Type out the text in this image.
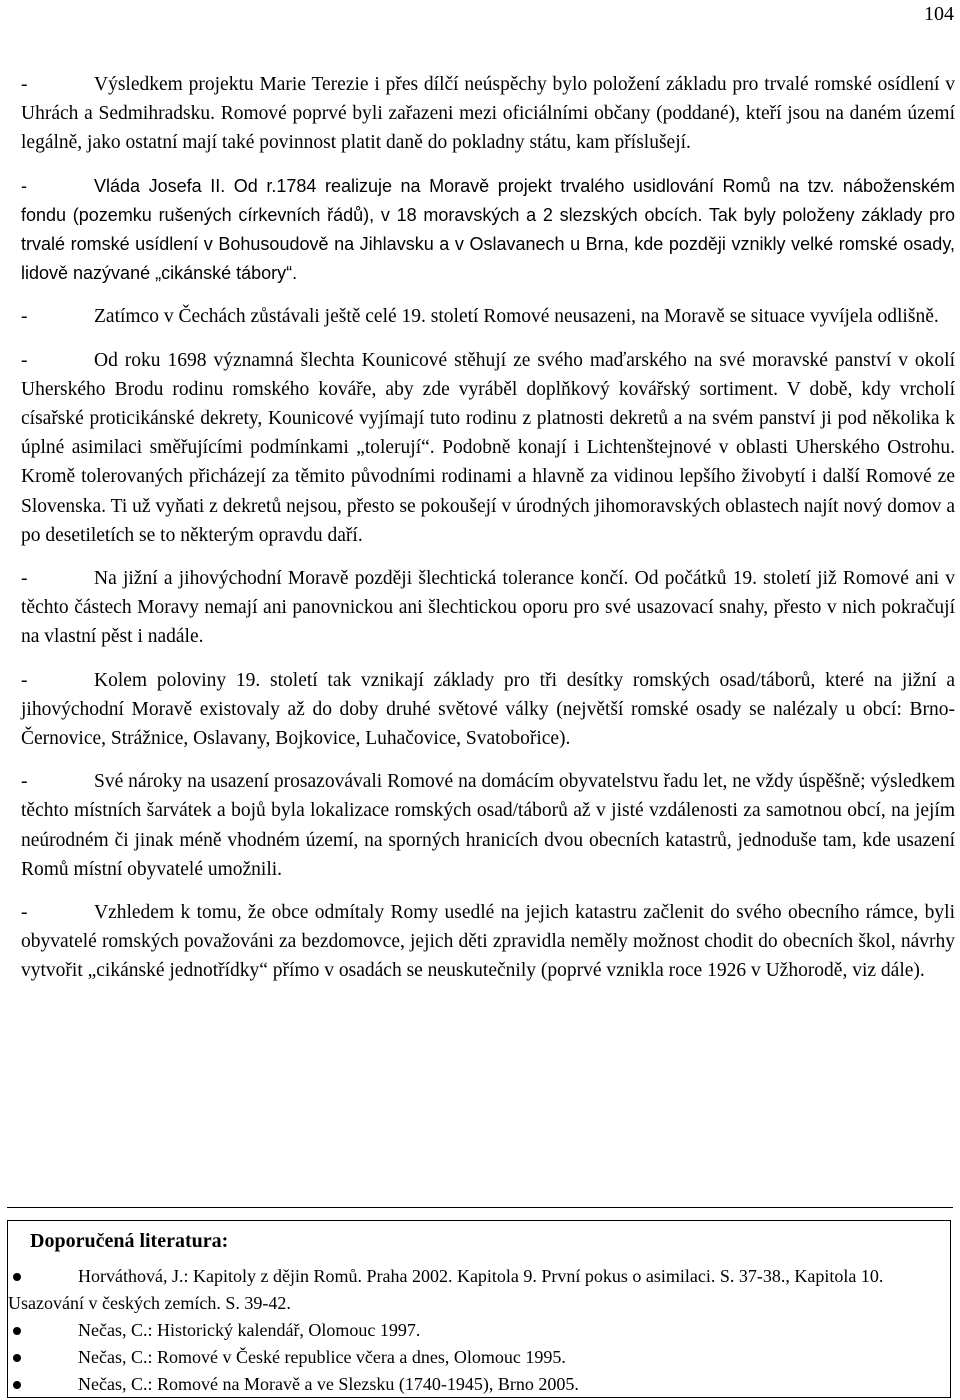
104

-	Výsledkem projektu Marie Terezie i přes dílčí neúspěchy bylo položení základu pro trvalé romské osídlení v Uhrách a Sedmihradsku. Romové poprvé byli zařazeni mezi oficiálními občany (poddané), kteří jsou na daném území legálně, jako ostatní mají také povinnost platit daně do pokladny státu, kam příslušejí.

-	Vláda Josefa II. Od r.1784 realizuje na Moravě projekt trvalého usidlování Romů na tzv. náboženském fondu (pozemku rušených církevních řádů), v 18 moravských a 2 slezských obcích. Tak byly položeny základy pro trvalé romské usídlení v Bohusoudově na Jihlavsku a v Oslavanech u Brna, kde později vznikly velké romské osady, lidově nazývané „cikánské tábory“.

-	Zatímco v Čechách zůstávali ještě celé 19. století Romové neusazeni, na Moravě se situace vyvíjela odlišně.

-	Od roku 1698 významná šlechta Kounicové stěhují ze svého maďarského na své moravské panství v okolí Uherského Brodu rodinu romského kováře, aby zde vyráběl doplňkový kovářský sortiment. V době, kdy vrcholí císařské proticikánské dekrety, Kounicové vyjímají tuto rodinu z platnosti dekretů a na svém panství ji pod několika k úplné asimilaci směřujícími podmínkami „tolerují“. Podobně konají i Lichtenštejnové v oblasti Uherského Ostrohu. Kromě tolerovaných přicházejí za těmito původními rodinami a hlavně za vidinou lepšího živobytí i další Romové ze Slovenska. Ti už vyňati z dekretů nejsou, přesto se pokoušejí v úrodných jihomoravských oblastech najít nový domov a po desetiletích se to některým opravdu daří.

-	Na jižní a jihovýchodní Moravě později šlechtická tolerance končí. Od počátků 19. století již Romové ani v těchto částech Moravy nemají ani panovnickou ani šlechtickou oporu pro své usazovací snahy, přesto v nich pokračují na vlastní pěst i nadále.

-	Kolem poloviny 19. století tak vznikají základy pro tři desítky romských osad/táborů, které na jižní a jihovýchodní Moravě existovaly až do doby druhé světové války (největší romské osady se nalézaly u obcí: Brno-Černovice, Strážnice, Oslavany, Bojkovice, Luhačovice, Svatobořice).

-	Své nároky na usazení prosazovávali Romové na domácím obyvatelstvu řadu let, ne vždy úspěšně; výsledkem těchto místních šarvátek a bojů byla lokalizace romských osad/táborů až v jisté vzdálenosti za samotnou obcí, na jejím neúrodném či jinak méně vhodném území, na sporných hranicích dvou obecních katastrů, jednoduše tam, kde usazení Romů místní obyvatelé umožnili.

-	Vzhledem k tomu, že obce odmítaly Romy usedlé na jejich katastru začlenit do svého obecního rámce, byli obyvatelé romských považováni za bezdomovce, jejich děti zpravidla neměly možnost chodit do obecních škol, návrhy vytvořit „cikánské jednotřídky“ přímo v osadách se neuskutečnily (poprvé vznikla roce 1926 v Užhorodě, viz dále).

Doporučená literatura:

Horváthová, J.: Kapitoly z dějin Romů. Praha 2002. Kapitola 9. První pokus o asimilaci. S. 37-38., Kapitola 10. Usazování v českých zemích. S. 39-42.
Nečas, C.: Historický kalendář, Olomouc 1997.
Nečas, C.: Romové v České republice včera a dnes, Olomouc 1995.
Nečas, C.: Romové na Moravě a ve Slezsku (1740-1945), Brno 2005.
